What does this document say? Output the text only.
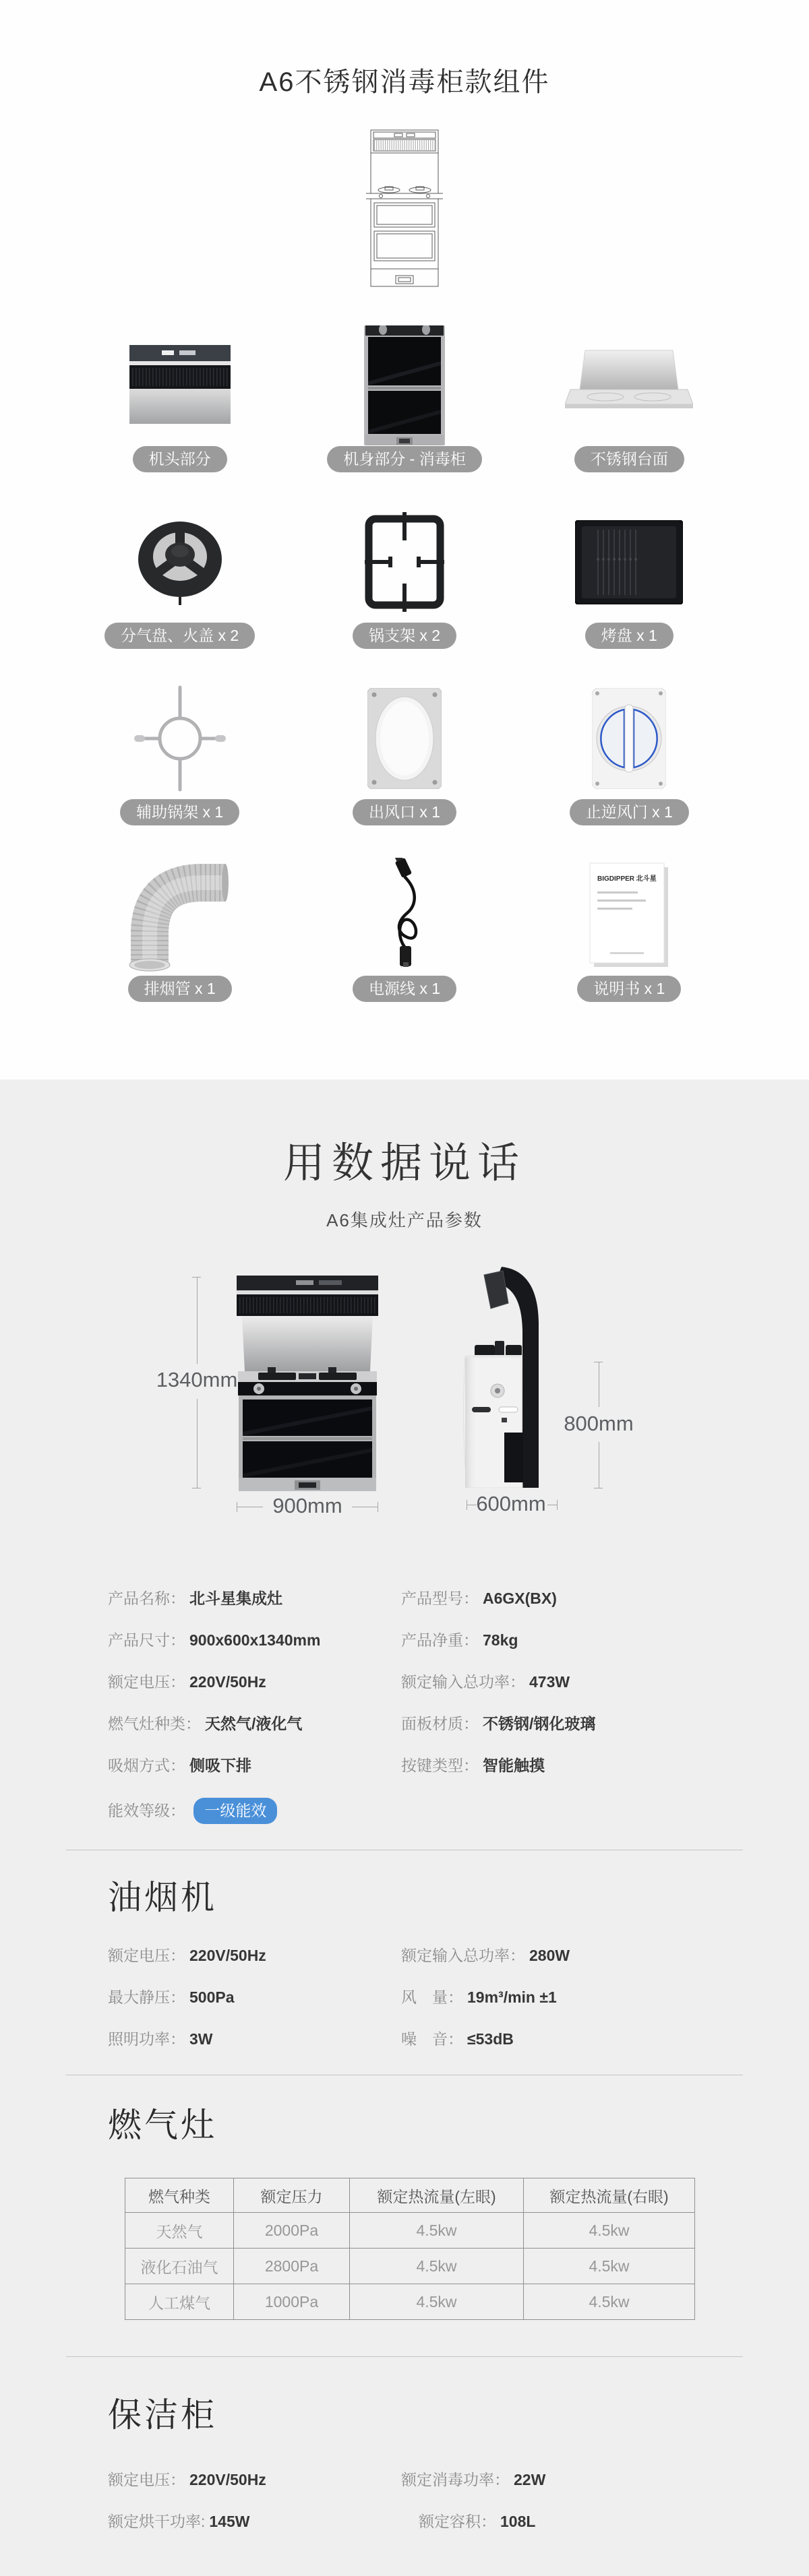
A6不锈钢消毒柜款组件
机头部分	机身部分 - 消毒柜	不锈钢台面
分气盘、火盖 x 2	锅支架 x 2	烤盘 x 1
辅助锅架 x 1	出风口 x 1	止逆风门 x 1
排烟管 x 1	电源线 x 1
BIGDIPPER 北斗星
说明书 x 1
用数据说话

A6集成灶产品参数

1340mm
900mm
800mm
600mm
产品名称： 北斗星集成灶	产品型号： A6GX(BX)
产品尺寸： 900x600x1340mm	产品净重： 78kg
额定电压： 220V/50Hz	额定输入总功率： 473W
燃气灶种类： 天然气/液化气	面板材质： 不锈钢/钢化玻璃
吸烟方式： 侧吸下排	按键类型： 智能触摸
能效等级： 一级能效
油烟机
额定电压： 220V/50Hz	额定输入总功率： 280W
最大静压： 500Pa	风　量： 19m³/min ±1
照明功率： 3W	噪　音： ≤53dB
燃气灶
燃气种类	额定压力	额定热流量(左眼)	额定热流量(右眼)
天然气	2000Pa	4.5kw	4.5kw
液化石油气	2800Pa	4.5kw	4.5kw
人工煤气	1000Pa	4.5kw	4.5kw
保洁柜
额定电压： 220V/50Hz	额定消毒功率： 22W
额定烘干功率: 145W	额定容积： 108L
